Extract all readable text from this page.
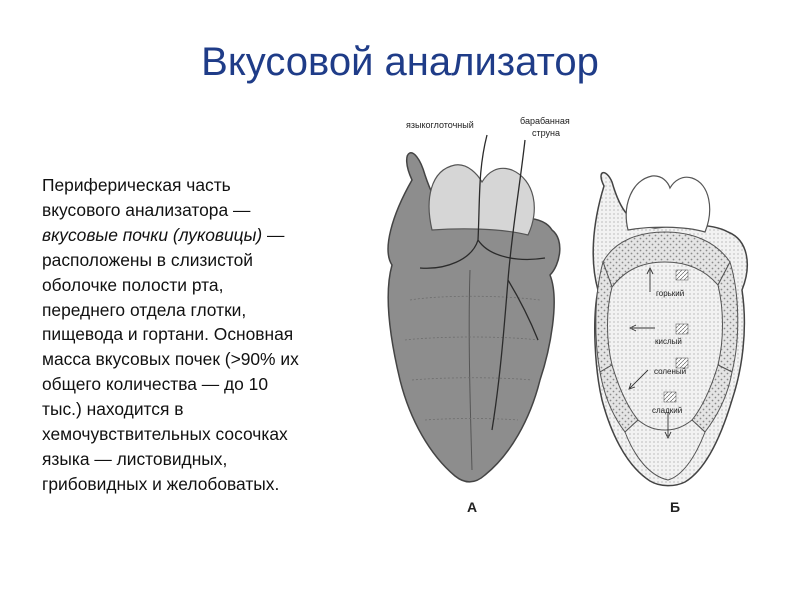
Вкусовой анализатор
Периферическая часть
вкусового анализатора —
вкусовые почки (луковицы) —
расположены в слизистой
оболочке полости рта,
переднего отдела глотки,
пищевода и гортани. Основная
масса вкусовых почек (>90% их
общего количества — до 10
тыс.) находится в
хемочувствительных сосочках
языка — листовидных,
грибовидных и желобоватых.
языкоглоточный	барабанная
струна
А
горький
кислый
соленый
сладкий
Б
